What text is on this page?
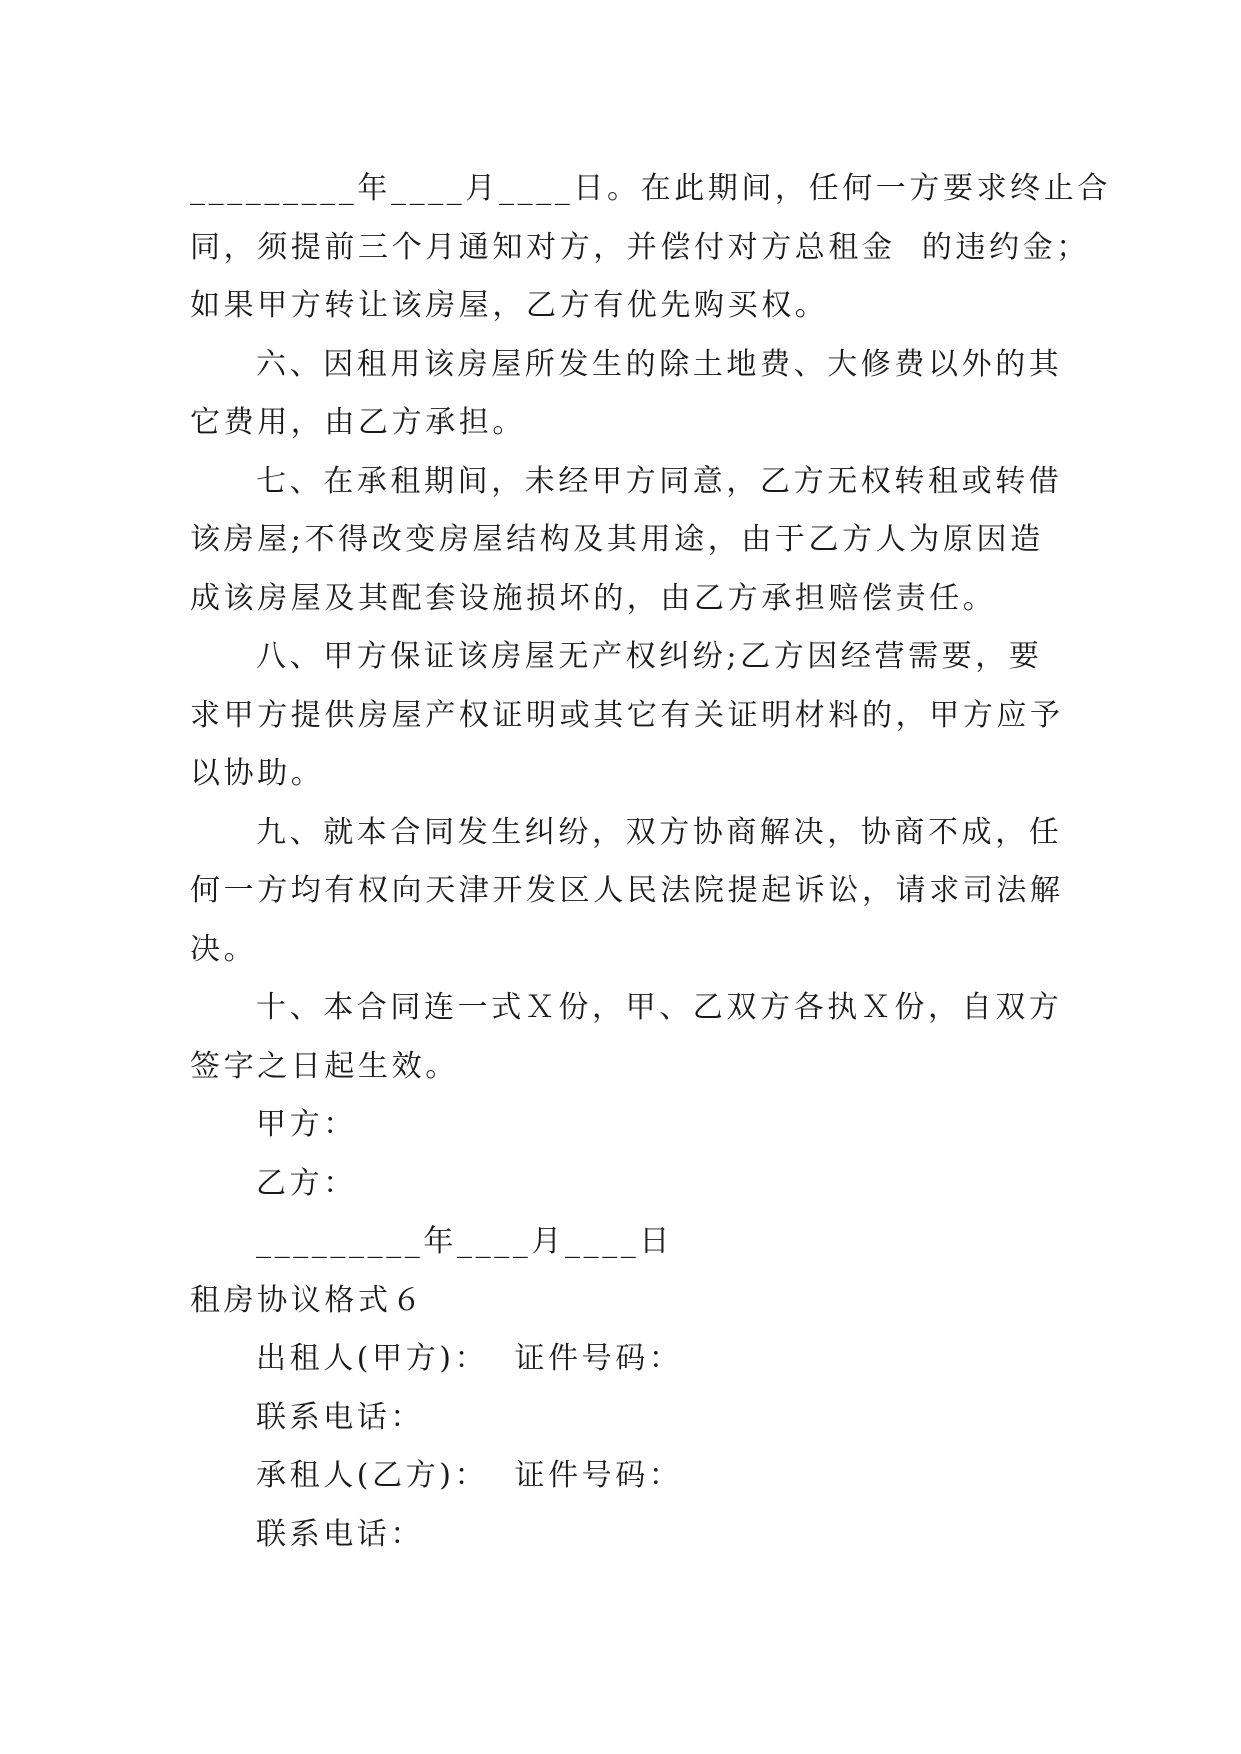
_________年____月____日。在此期间，任何一方要求终止合
同，须提前三个月通知对方，并偿付对方总租金  的违约金；
如果甲方转让该房屋，乙方有优先购买权。
六、因租用该房屋所发生的除土地费、大修费以外的其
它费用，由乙方承担。
七、在承租期间，未经甲方同意，乙方无权转租或转借
该房屋;不得改变房屋结构及其用途，由于乙方人为原因造
成该房屋及其配套设施损坏的，由乙方承担赔偿责任。
八、甲方保证该房屋无产权纠纷;乙方因经营需要，要
求甲方提供房屋产权证明或其它有关证明材料的，甲方应予
以协助。
九、就本合同发生纠纷，双方协商解决，协商不成，任
何一方均有权向天津开发区人民法院提起诉讼，请求司法解
决。
十、本合同连一式Ｘ份，甲、乙双方各执Ｘ份，自双方
签字之日起生效。
甲方：
乙方：
_________年____月____日
租房协议格式６
出租人(甲方)：  证件号码：
联系电话：
承租人(乙方)：  证件号码：
联系电话：
